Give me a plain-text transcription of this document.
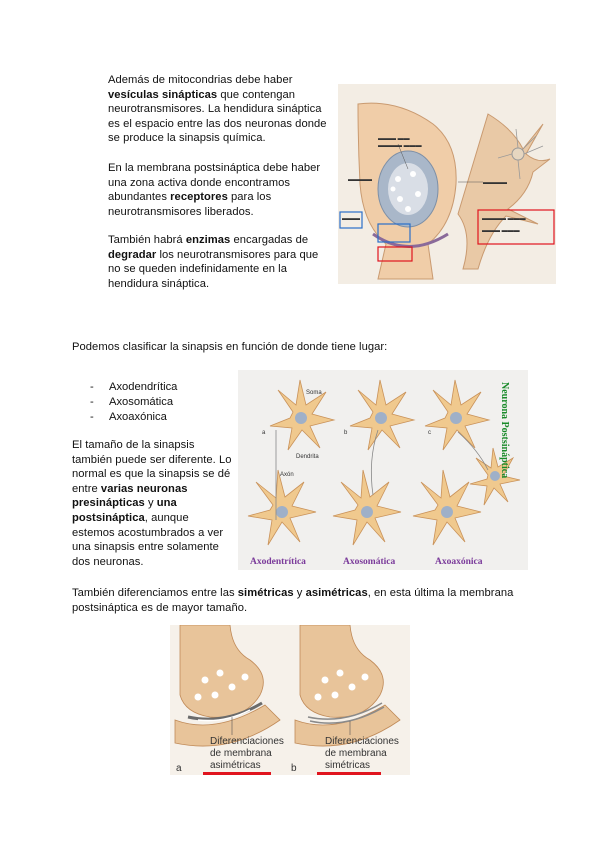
Además de mitocondrias debe haber vesículas sinápticas que contengan neurotransmisores. La hendidura sináptica es el espacio entre las dos neuronas donde se produce la sinapsis química.
En la membrana postsináptica debe haber una zona activa donde encontramos abundantes receptores para los neurotransmisores liberados.
También habrá enzimas encargadas de degradar los neurotransmisores para que no se queden indefinidamente en la hendidura sináptica.
▬▬▬ ▬▬
▬▬▬▬ ▬▬▬
▬▬▬▬	▬▬▬▬
▬▬▬	▬▬▬▬ ▬▬▬
▬▬▬ ▬▬▬
Podemos clasificar la sinapsis en función de donde tiene lugar:
- Axodendrítica
- Axosomática
- Axoaxónica
El tamaño de la sinapsis también puede ser diferente. Lo normal es que la sinapsis se dé entre varias neuronas presinápticas y una postsináptica, aunque estemos acostumbrados a ver una sinapsis entre solamente dos neuronas.
Soma
Dendrita
Axón
a	b	c
Axodentrítica	Axosomática	Axoaxónica
Neurona Postsináptica
También diferenciamos entre las simétricas y asimétricas, en esta última la membrana postsináptica es de mayor tamaño.
Diferenciaciones
de membrana
asimétricas
a
Diferenciaciones
de membrana
simétricas
b
